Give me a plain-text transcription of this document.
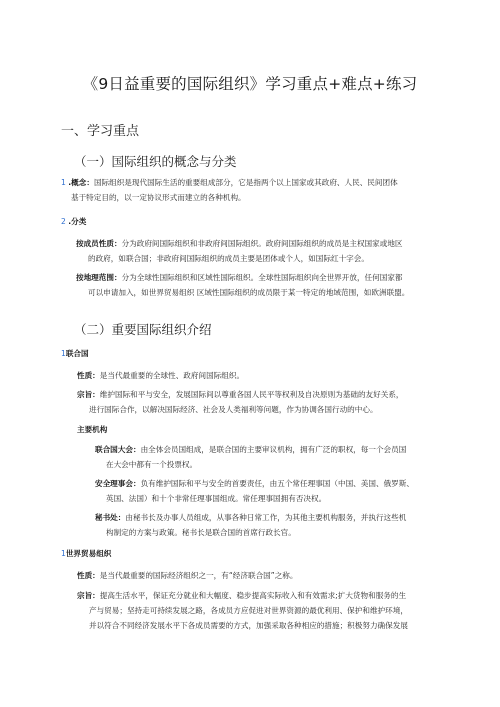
《9日益重要的国际组织》学习重点+难点+练习
一、学习重点
（一）国际组织的概念与分类
1 .概念：国际组织是现代国际生活的重要组成部分，它是指两个以上国家或其政府、人民、民间团体
基于特定目的，以一定协议形式而建立的各种机构。
2 .分类
按成员性质：分为政府间国际组织和非政府间国际组织。政府间国际组织的成员是主权国家或地区
的政府，如联合国；非政府间国际组织的成员主要是团体或个人，如国际红十字会。
按地理范围：分为全球性国际组织和区域性国际组织。全球性国际组织向全世界开放，任何国家都
可以申请加入，如世界贸易组织 区域性国际组织的成员限于某一特定的地域范围，如欧洲联盟。
（二）重要国际组织介绍
1联合国
性质：是当代最重要的全球性、政府间国际组织。
宗旨：维护国际和平与安全，发展国际间以尊重各国人民平等权利及自决原则为基础的友好关系，
进行国际合作，以解决国际经济、社会及人类福利等问题，作为协调各国行动的中心。
主要机构
联合国大会：由全体会员国组成，是联合国的主要审议机构，拥有广泛的职权，每一个会员国
在大会中都有一个投票权。
安全理事会：负有维护国际和平与安全的首要责任，由五个常任理事国（中国、美国、俄罗斯、
英国、法国）和十个非常任理事国组成。常任理事国拥有否决权。
秘书处：由秘书长及办事人员组成，从事各种日常工作，为其他主要机构服务，并执行这些机
构制定的方案与政策。秘书长是联合国的首席行政长官。
1世界贸易组织
性质：是当代最重要的国际经济组织之一，有“经济联合国”之称。
宗旨：提高生活水平，保证充分就业和大幅度、稳步提高实际收入和有效需求;扩大货物和服务的生
产与贸易；坚持走可持续发展之路，各成员方应促进对世界资源的最优利用、保护和维护环境，
并以符合不同经济发展水平下各成员需要的方式，加强采取各种相应的措施；积极努力确保发展
